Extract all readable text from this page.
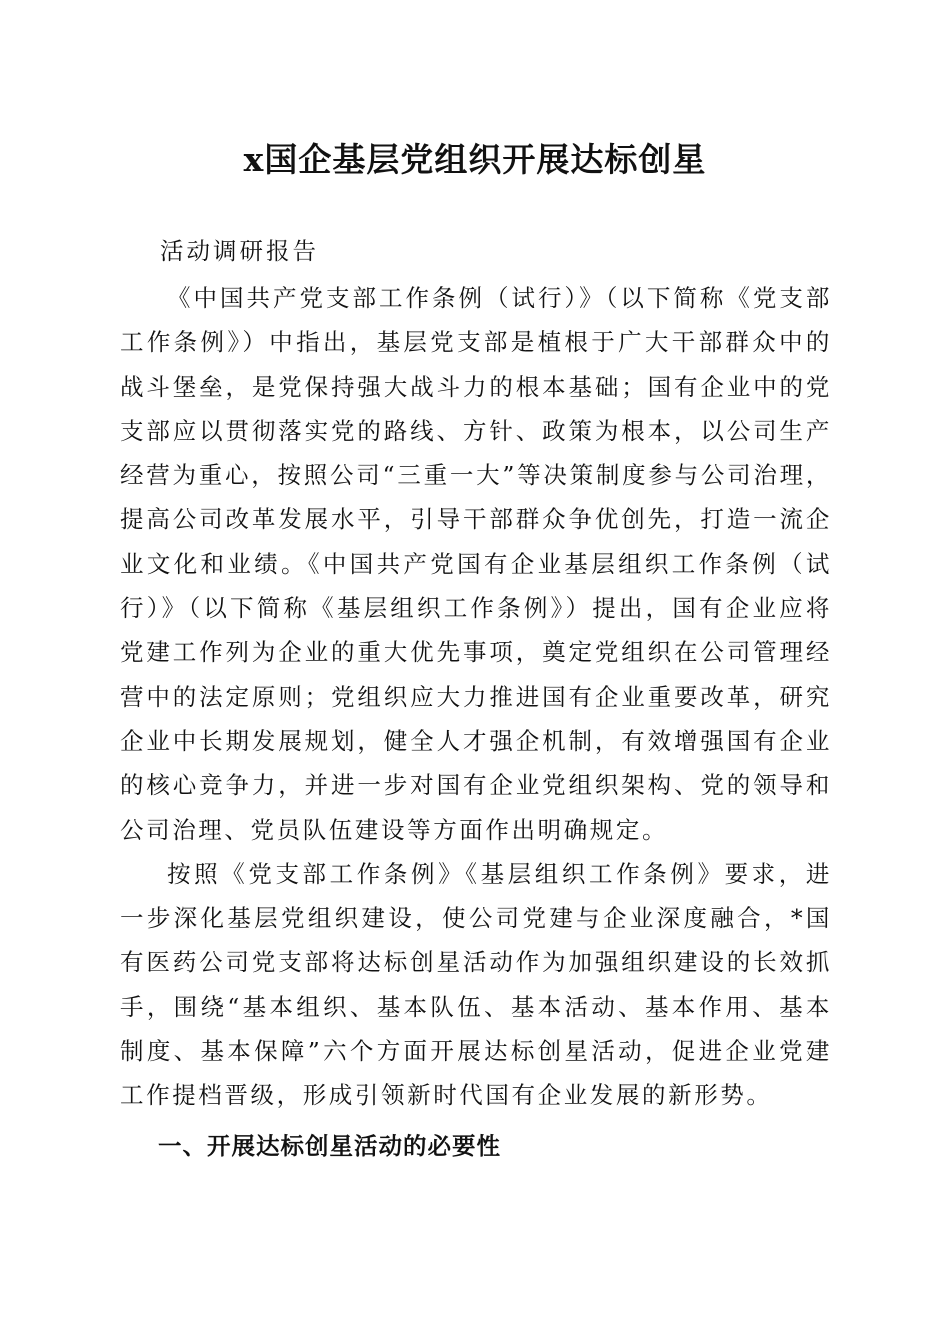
x国企基层党组织开展达标创星
活动调研报告

《中国共产党支部工作条例（试行）》（以下简称《党支部工作条例》）中指出，基层党支部是植根于广大干部群众中的战斗堡垒，是党保持强大战斗力的根本基础；国有企业中的党支部应以贯彻落实党的路线、方针、政策为根本，以公司生产经营为重心，按照公司“三重一大”等决策制度参与公司治理，提高公司改革发展水平，引导干部群众争优创先，打造一流企业文化和业绩。《中国共产党国有企业基层组织工作条例（试行）》（以下简称《基层组织工作条例》）提出，国有企业应将党建工作列为企业的重大优先事项，奠定党组织在公司管理经营中的法定原则；党组织应大力推进国有企业重要改革，研究企业中长期发展规划，健全人才强企机制，有效增强国有企业的核心竞争力，并进一步对国有企业党组织架构、党的领导和公司治理、党员队伍建设等方面作出明确规定。

按照《党支部工作条例》《基层组织工作条例》要求，进一步深化基层党组织建设，使公司党建与企业深度融合，*国有医药公司党支部将达标创星活动作为加强组织建设的长效抓手，围绕“基本组织、基本队伍、基本活动、基本作用、基本制度、基本保障”六个方面开展达标创星活动，促进企业党建工作提档晋级，形成引领新时代国有企业发展的新形势。

一、开展达标创星活动的必要性
